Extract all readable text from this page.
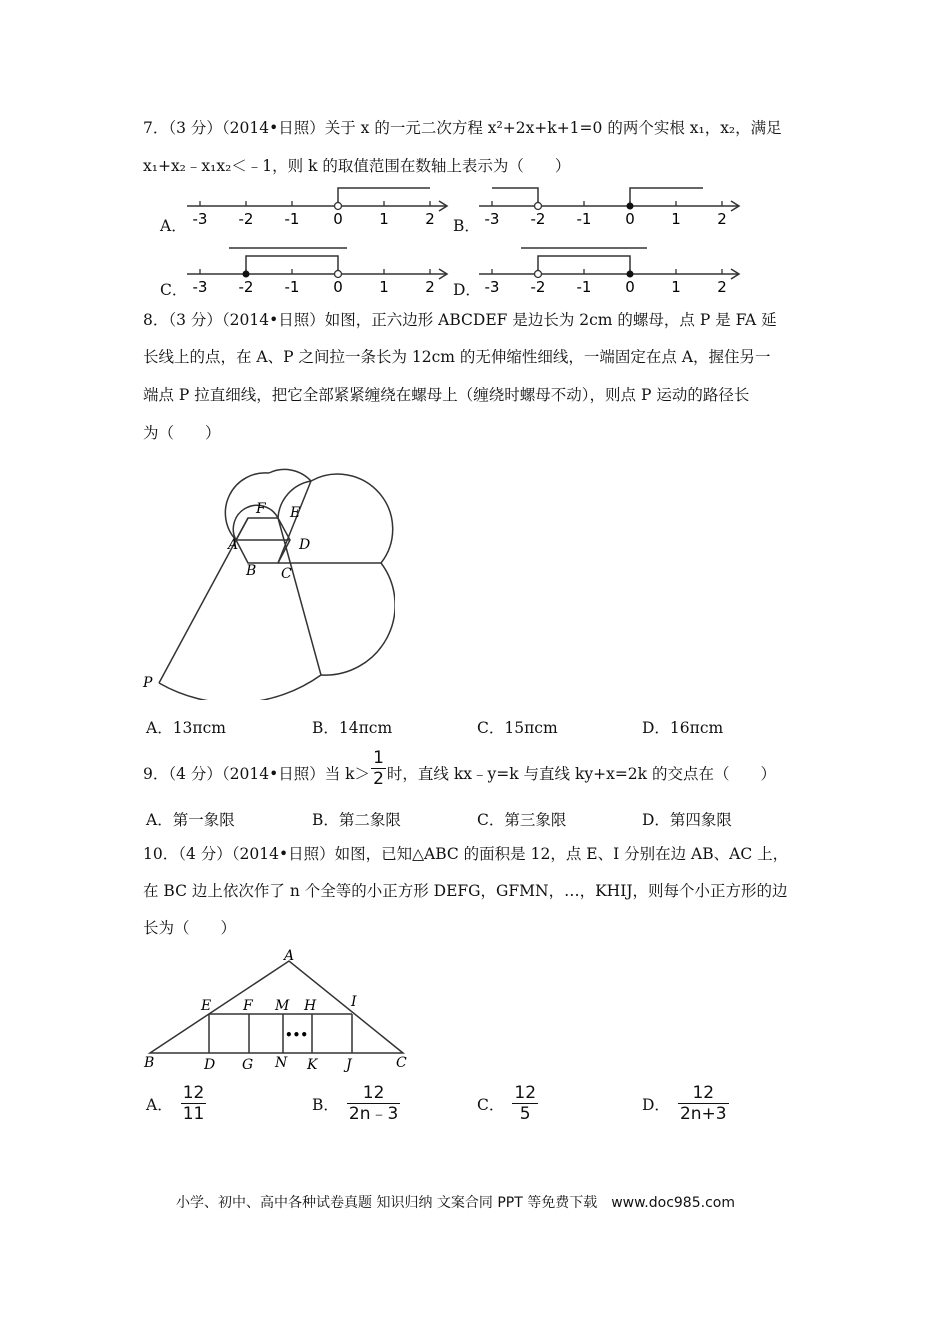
7．（3 分）（2014•日照）关于 x 的一元二次方程 x²+2x+k+1=0 的两个实根 x₁，x₂，满足
x₁+x₂﹣x₁x₂＜﹣1，则 k 的取值范围在数轴上表示为（　　）
A．	B．
C．	D．
-3 -2 -1 0 1 2	-3 -2 -1 0 1 2
-3 -2 -1 0 1 2	-3 -2 -1 0 1 2
8．（3 分）（2014•日照）如图，正六边形 ABCDEF 是边长为 2cm 的螺母，点 P 是 FA 延
长线上的点，在 A、P 之间拉一条长为 12cm 的无伸缩性细线，一端固定在点 A，握住另一
端点 P 拉直细线，把它全部紧紧缠绕在螺母上（缠绕时螺母不动），则点 P 运动的路径长
为（　　）
F E
A	D
B C
P
A．13πcm	B．14πcm	C．15πcm	D．16πcm
9．（4 分）（2014•日照）当 $k> \frac{1}{2}$ 时，直线 kx﹣y=k 与直线 ky+x=2k 的交点在（　　）
A．第一象限	B．第二象限	C．第三象限	D．第四象限
10．（4 分）（2014•日照）如图，已知△ABC 的面积是 12，点 E、I 分别在边 AB、AC 上，
在 BC 边上依次作了 n 个全等的小正方形 DEFG，GFMN，…，KHIJ，则每个小正方形的边
长为（　　）
A
E F M H I
•••
B	D G N K J	C
A． $\frac{12}{11}$	B． $\frac{12}{2n﹣3}$	C． $\frac{12}{5}$	D． $\frac{12}{2n+3}$
小学、初中、高中各种试卷真题 知识归纳 文案合同 PPT 等免费下载　www.doc985.com
